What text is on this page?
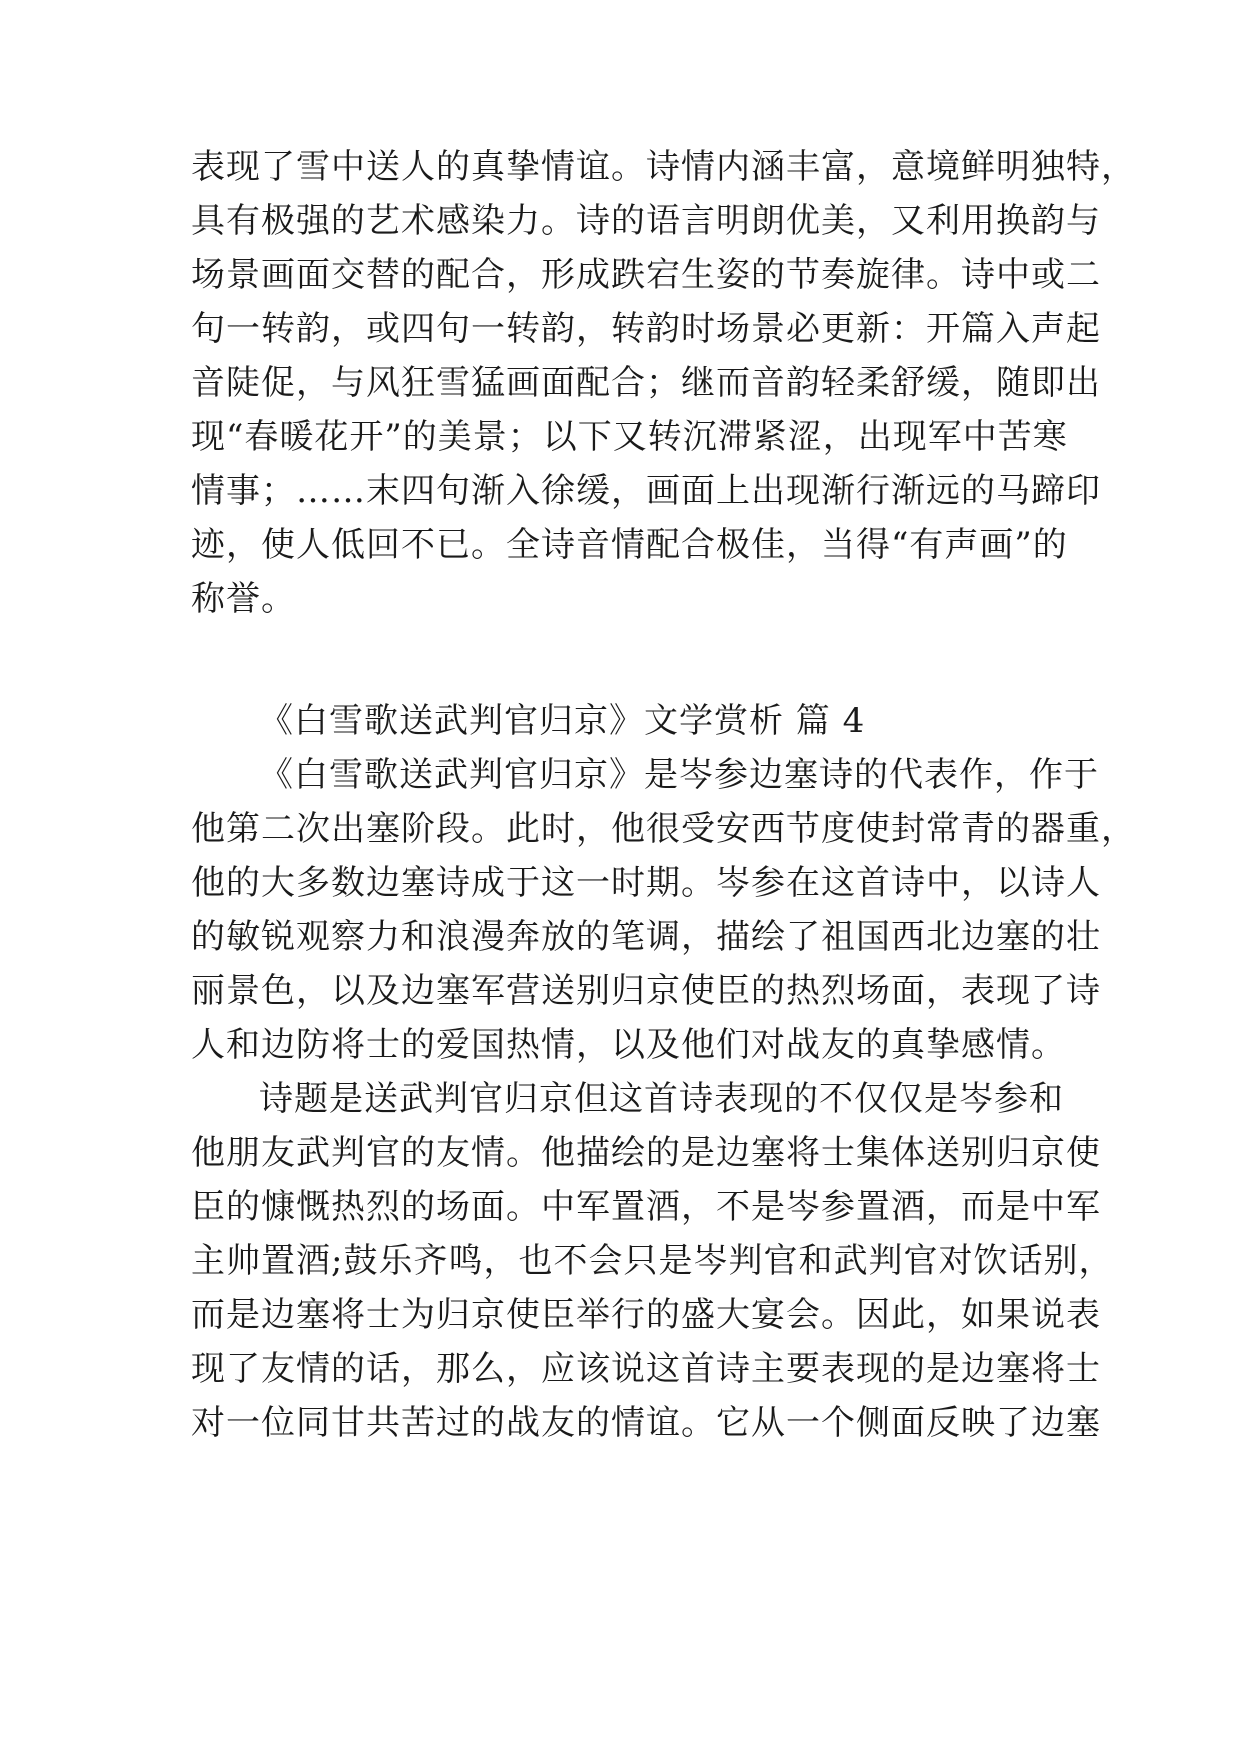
表现了雪中送人的真挚情谊。诗情内涵丰富，意境鲜明独特，
具有极强的艺术感染力。诗的语言明朗优美，又利用换韵与
场景画面交替的配合，形成跌宕生姿的节奏旋律。诗中或二
句一转韵，或四句一转韵，转韵时场景必更新：开篇入声起
音陡促，与风狂雪猛画面配合；继而音韵轻柔舒缓，随即出
现“春暖花开”的美景；以下又转沉滞紧涩，出现军中苦寒
情事；……末四句渐入徐缓，画面上出现渐行渐远的马蹄印
迹，使人低回不已。全诗音情配合极佳，当得“有声画”的
称誉。
《白雪歌送武判官归京》文学赏析 篇 4
《白雪歌送武判官归京》是岑参边塞诗的代表作，作于
他第二次出塞阶段。此时，他很受安西节度使封常青的器重，
他的大多数边塞诗成于这一时期。岑参在这首诗中，以诗人
的敏锐观察力和浪漫奔放的笔调，描绘了祖国西北边塞的壮
丽景色，以及边塞军营送别归京使臣的热烈场面，表现了诗
人和边防将士的爱国热情，以及他们对战友的真挚感情。
诗题是送武判官归京但这首诗表现的不仅仅是岑参和
他朋友武判官的友情。他描绘的是边塞将士集体送别归京使
臣的慷慨热烈的场面。中军置酒，不是岑参置酒，而是中军
主帅置酒;鼓乐齐鸣，也不会只是岑判官和武判官对饮话别，
而是边塞将士为归京使臣举行的盛大宴会。因此，如果说表
现了友情的话，那么，应该说这首诗主要表现的是边塞将士
对一位同甘共苦过的战友的情谊。它从一个侧面反映了边塞
